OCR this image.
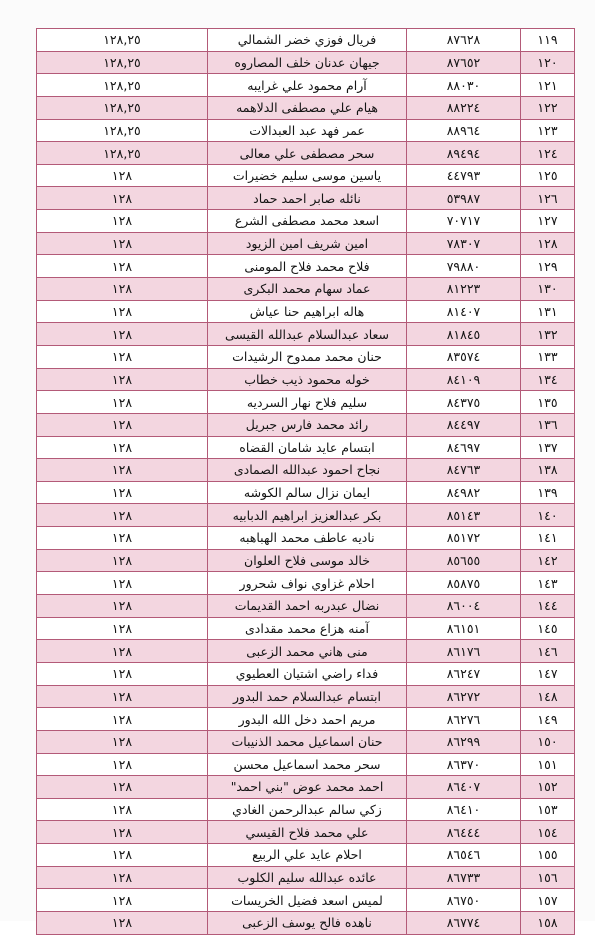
١١٩	٨٧٦٢٨	فريال فوزي خضر الشمالي	١٢٨,٢٥
١٢٠	٨٧٦٥٢	جيهان عدنان خلف المصاروه	١٢٨,٢٥
١٢١	٨٨٠٣٠	آرام محمود علي غرايبه	١٢٨,٢٥
١٢٢	٨٨٢٢٤	هيام علي مصطفى الدلاهمه	١٢٨,٢٥
١٢٣	٨٨٩٦٤	عمر فهد عبد العبدالات	١٢٨,٢٥
١٢٤	٨٩٤٩٤	سحر مصطفى علي معالى	١٢٨,٢٥
١٢٥	٤٤٧٩٣	ياسين موسى سليم خضيرات	١٢٨
١٢٦	٥٣٩٨٧	نائله صابر احمد حماد	١٢٨
١٢٧	٧٠٧١٧	اسعد محمد مصطفى الشرع	١٢٨
١٢٨	٧٨٣٠٧	امين شريف امين الزيود	١٢٨
١٢٩	٧٩٨٨٠	فلاح محمد فلاح المومنى	١٢٨
١٣٠	٨١٢٢٣	عماد سهام محمد البكرى	١٢٨
١٣١	٨١٤٠٧	هاله ابراهيم حنا عياش	١٢٨
١٣٢	٨١٨٤٥	سعاد عبدالسلام عبدالله القيسى	١٢٨
١٣٣	٨٣٥٧٤	حنان محمد ممدوح الرشيدات	١٢٨
١٣٤	٨٤١٠٩	خوله محمود ذيب خطاب	١٢٨
١٣٥	٨٤٣٧٥	سليم فلاح نهار السرديه	١٢٨
١٣٦	٨٤٤٩٧	رائد محمد فارس جبريل	١٢٨
١٣٧	٨٤٦٩٧	ابتسام عايد شامان القضاه	١٢٨
١٣٨	٨٤٧٦٣	نجاح احمود عبدالله الصمادى	١٢٨
١٣٩	٨٤٩٨٢	ايمان نزال سالم الكوشه	١٢٨
١٤٠	٨٥١٤٣	بكر عبدالعزيز ابراهيم الدبابيه	١٢٨
١٤١	٨٥١٧٢	ناديه عاطف محمد الهباهبه	١٢٨
١٤٢	٨٥٦٥٥	خالد موسى فلاح العلوان	١٢٨
١٤٣	٨٥٨٧٥	احلام غزاوي نواف شحرور	١٢٨
١٤٤	٨٦٠٠٤	نضال عبدربه احمد القديمات	١٢٨
١٤٥	٨٦١٥١	آمنه هزاع محمد مقدادى	١٢٨
١٤٦	٨٦١٧٦	منى هاني محمد الزعبى	١٢٨
١٤٧	٨٦٢٤٧	فداء راضي اشتيان العطيوي	١٢٨
١٤٨	٨٦٢٧٢	ابتسام عبدالسلام حمد البدور	١٢٨
١٤٩	٨٦٢٧٦	مريم احمد دخل الله البدور	١٢٨
١٥٠	٨٦٢٩٩	حنان اسماعيل محمد الذنيبات	١٢٨
١٥١	٨٦٣٧٠	سحر محمد اسماعيل محسن	١٢٨
١٥٢	٨٦٤٠٧	احمد محمد عوض "بني احمد"	١٢٨
١٥٣	٨٦٤١٠	زكي سالم عبدالرحمن الغادي	١٢٨
١٥٤	٨٦٤٤٤	علي محمد فلاح القيسي	١٢٨
١٥٥	٨٦٥٤٦	احلام عايد علي الربيع	١٢٨
١٥٦	٨٦٧٣٣	عائده عبدالله سليم الكلوب	١٢٨
١٥٧	٨٦٧٥٠	لميس اسعد فضيل الخريسات	١٢٨
١٥٨	٨٦٧٧٤	ناهده فالح يوسف الزعبى	١٢٨
